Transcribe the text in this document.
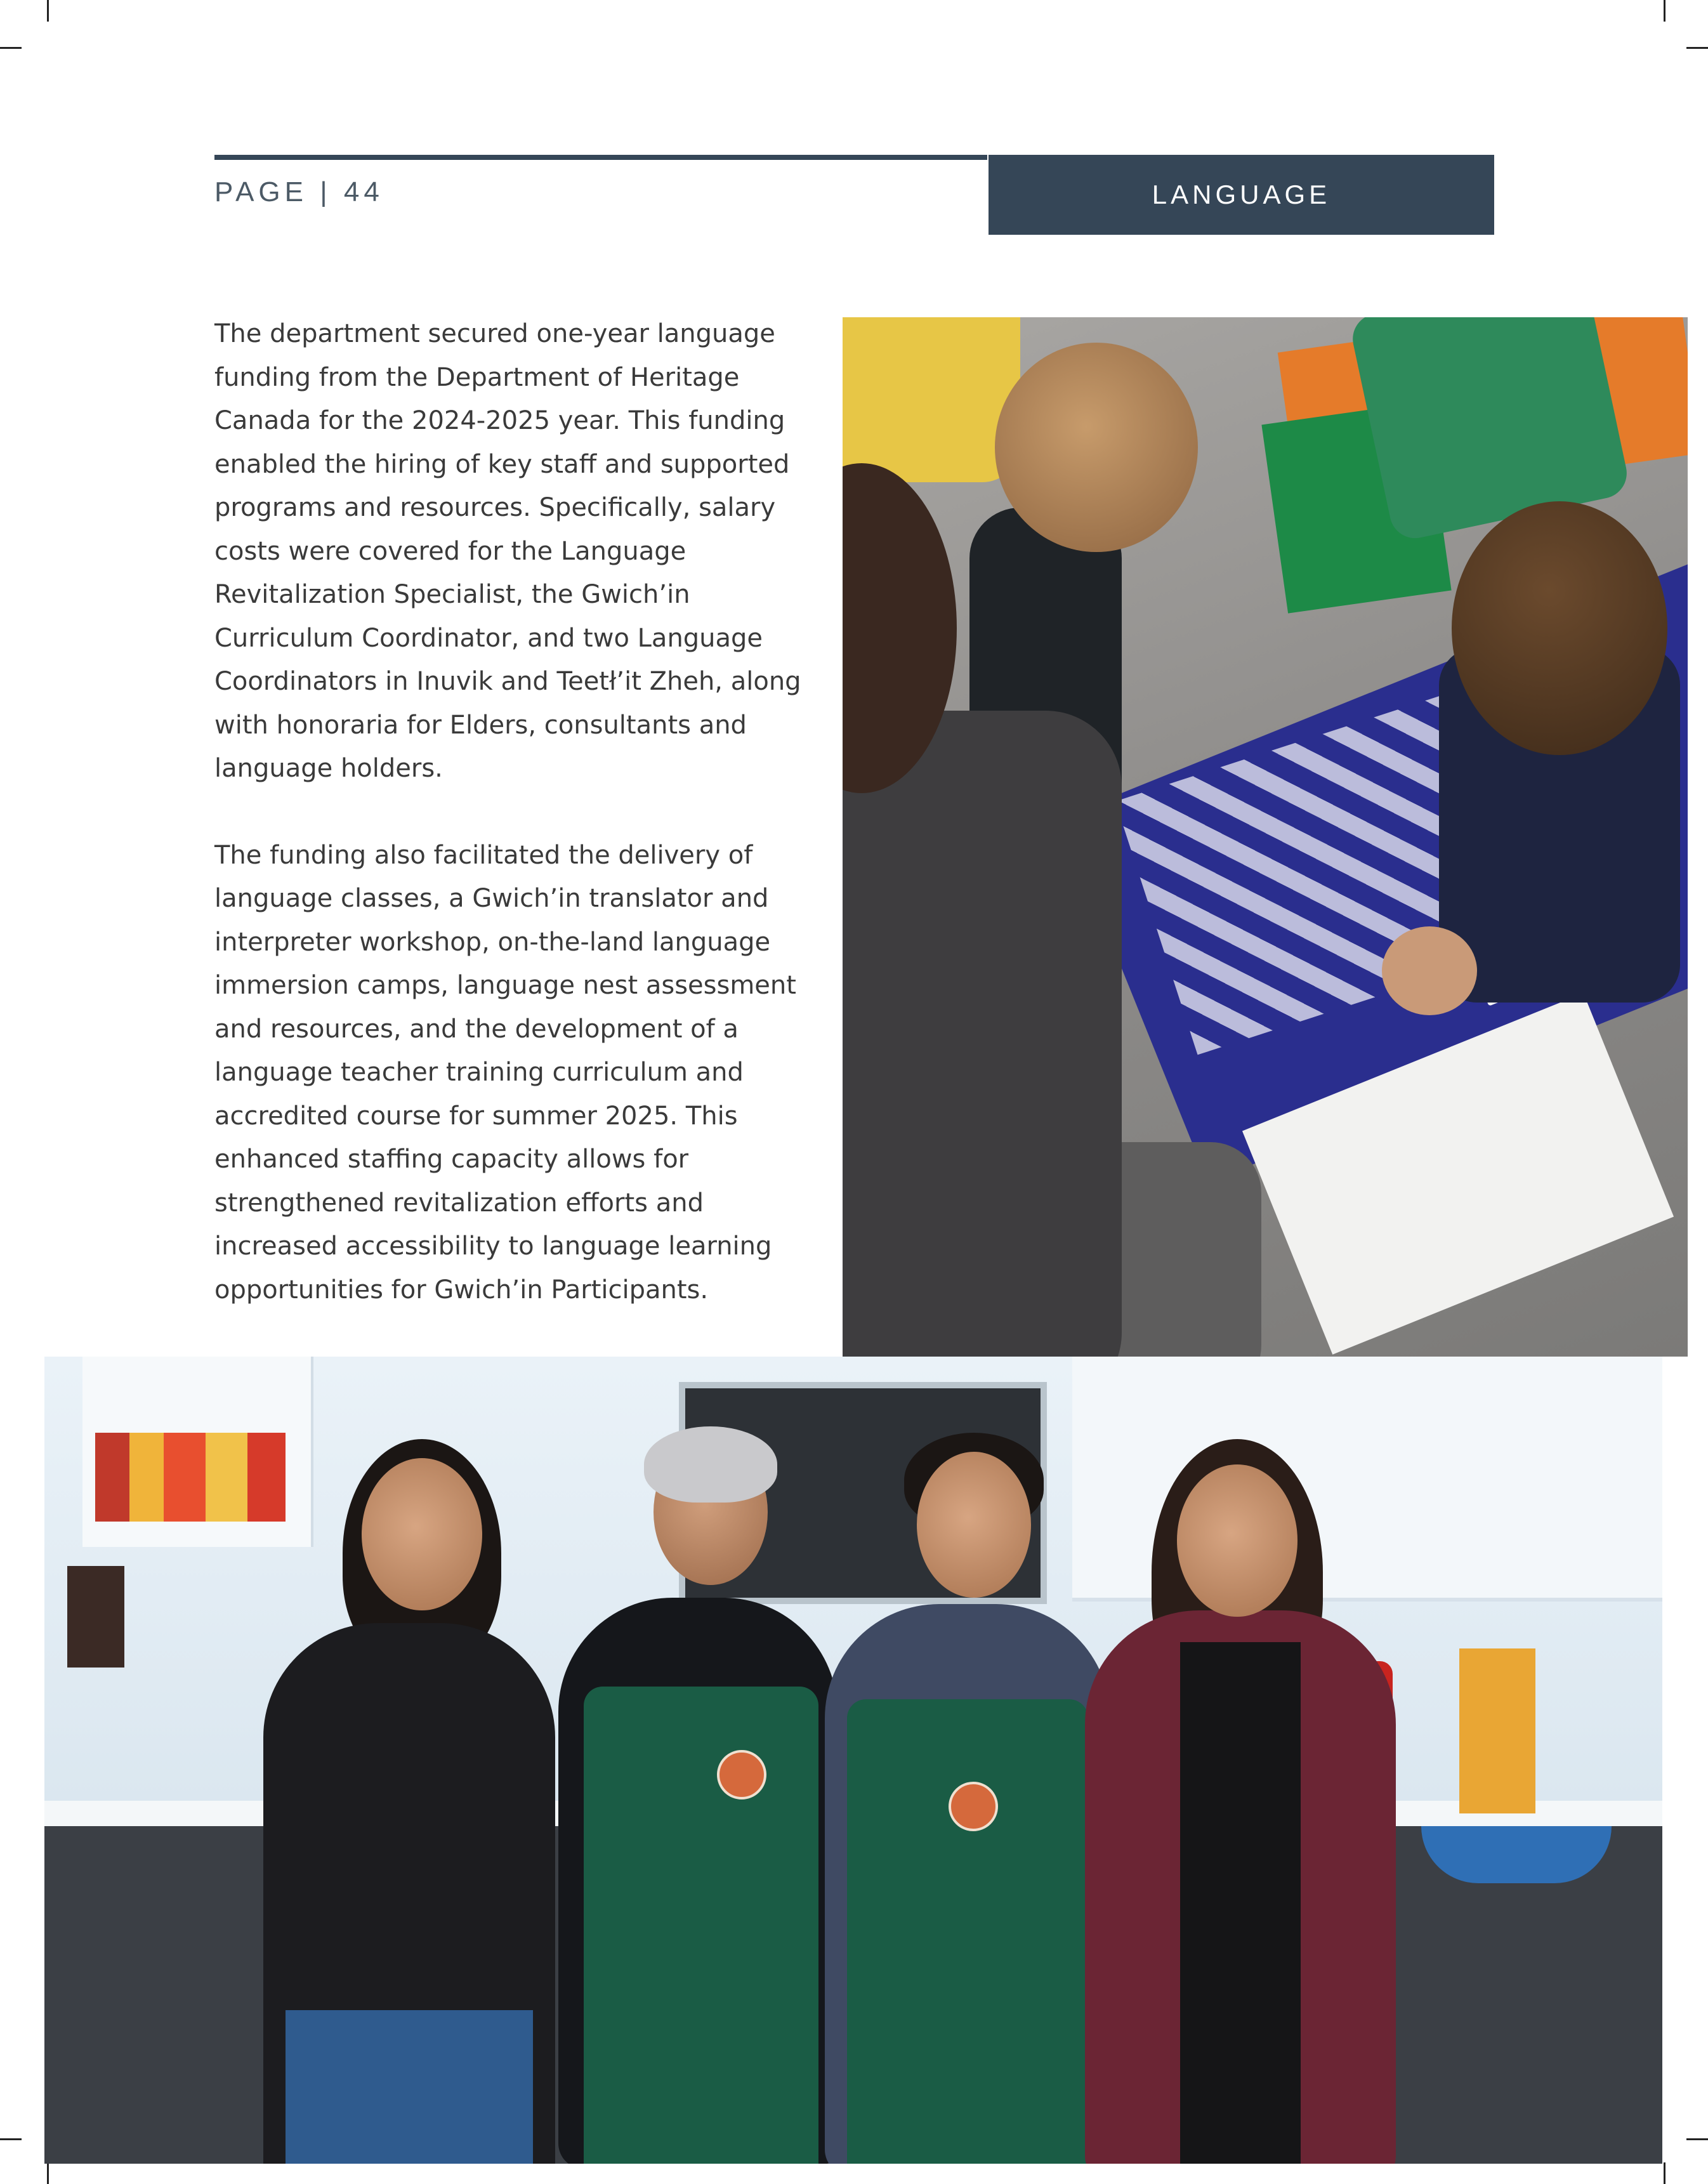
PAGE | 44	LANGUAGE

The department secured one-year language funding from the Department of Heritage Canada for the 2024-2025 year. This funding enabled the hiring of key staff and supported programs and resources. Specifically, salary costs were covered for the Language Revitalization Specialist, the Gwich’in Curriculum Coordinator, and two Language Coordinators in Inuvik and Teetł’it Zheh, along with honoraria for Elders, consultants and language holders.

The funding also facilitated the delivery of language classes, a Gwich’in translator and interpreter workshop, on-the-land language immersion camps, language nest assessment and resources, and the development of a language teacher training curriculum and accredited course for summer 2025. This enhanced staffing capacity allows for strengthened revitalization efforts and increased accessibility to language learning opportunities for Gwich’in Participants.
